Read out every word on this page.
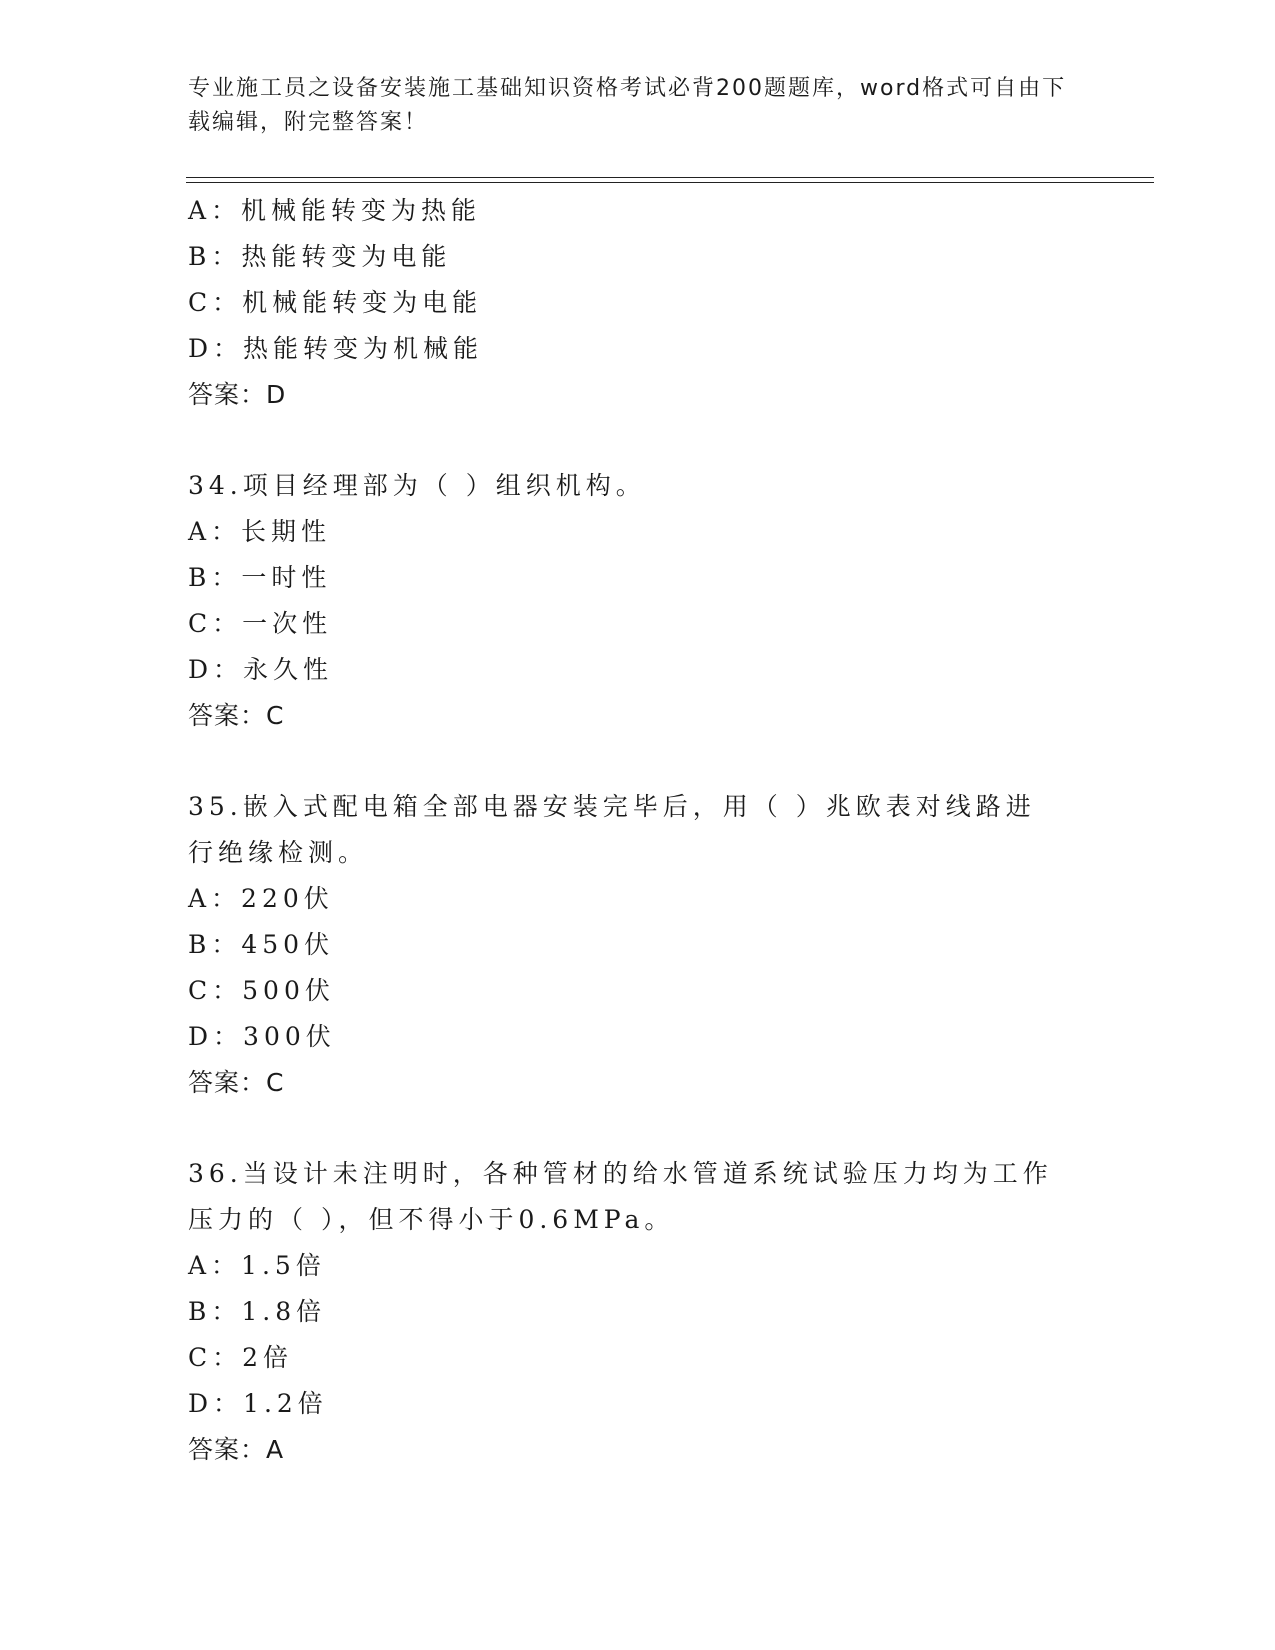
专业施工员之设备安装施工基础知识资格考试必背200题题库，word格式可自由下载编辑，附完整答案！
A：机械能转变为热能
B：热能转变为电能
C：机械能转变为电能
D：热能转变为机械能
答案：D
34.项目经理部为（ ）组织机构。
A：长期性
B：一时性
C：一次性
D：永久性
答案：C
35.嵌入式配电箱全部电器安装完毕后，用（ ）兆欧表对线路进行绝缘检测。
A：220伏
B：450伏
C：500伏
D：300伏
答案：C
36.当设计未注明时，各种管材的给水管道系统试验压力均为工作压力的（ ），但不得小于0.6MPa。
A：1.5倍
B：1.8倍
C：2倍
D：1.2倍
答案：A
